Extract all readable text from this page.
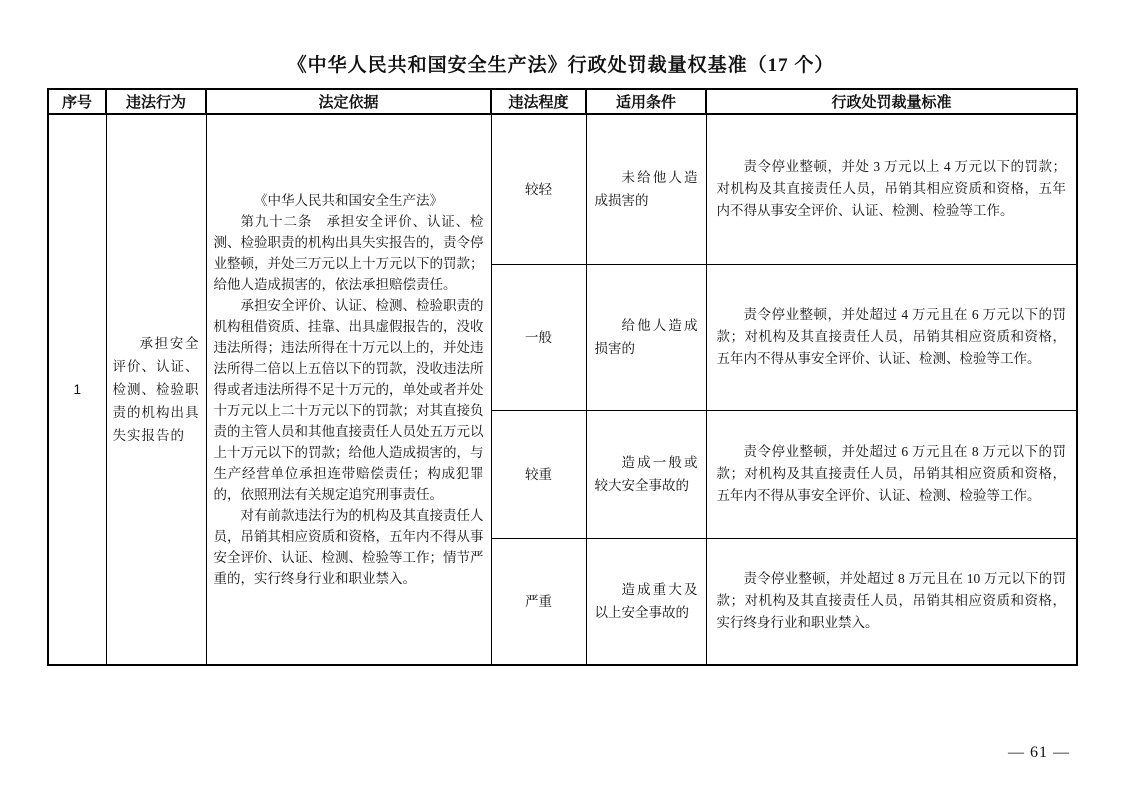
《中华人民共和国安全生产法》行政处罚裁量权基准（17 个）
序号	违法行为	法定依据	违法程度	适用条件	行政处罚裁量标准
1	承担安全评价、认证、检测、检验职责的机构出具失实报告的	《中华人民共和国安全生产法》

第九十二条　承担安全评价、认证、检测、检验职责的机构出具失实报告的，责令停业整顿，并处三万元以上十万元以下的罚款；给他人造成损害的，依法承担赔偿责任。

承担安全评价、认证、检测、检验职责的机构租借资质、挂靠、出具虚假报告的，没收违法所得；违法所得在十万元以上的，并处违法所得二倍以上五倍以下的罚款，没收违法所得或者违法所得不足十万元的，单处或者并处十万元以上二十万元以下的罚款；对其直接负责的主管人员和其他直接责任人员处五万元以上十万元以下的罚款；给他人造成损害的，与生产经营单位承担连带赔偿责任；构成犯罪的，依照刑法有关规定追究刑事责任。

对有前款违法行为的机构及其直接责任人员，吊销其相应资质和资格，五年内不得从事安全评价、认证、检测、检验等工作；情节严重的，实行终身行业和职业禁入。	较轻	未给他人造成损害的	责令停业整顿，并处 3 万元以上 4 万元以下的罚款；对机构及其直接责任人员，吊销其相应资质和资格，五年内不得从事安全评价、认证、检测、检验等工作。

			一般	给他人造成损害的	责令停业整顿，并处超过 4 万元且在 6 万元以下的罚款；对机构及其直接责任人员，吊销其相应资质和资格，五年内不得从事安全评价、认证、检测、检验等工作。

			较重	造成一般或较大安全事故的	责令停业整顿，并处超过 6 万元且在 8 万元以下的罚款；对机构及其直接责任人员，吊销其相应资质和资格，五年内不得从事安全评价、认证、检测、检验等工作。

			严重	造成重大及以上安全事故的	责令停业整顿，并处超过 8 万元且在 10 万元以下的罚款；对机构及其直接责任人员，吊销其相应资质和资格，实行终身行业和职业禁入。
— 61 —
